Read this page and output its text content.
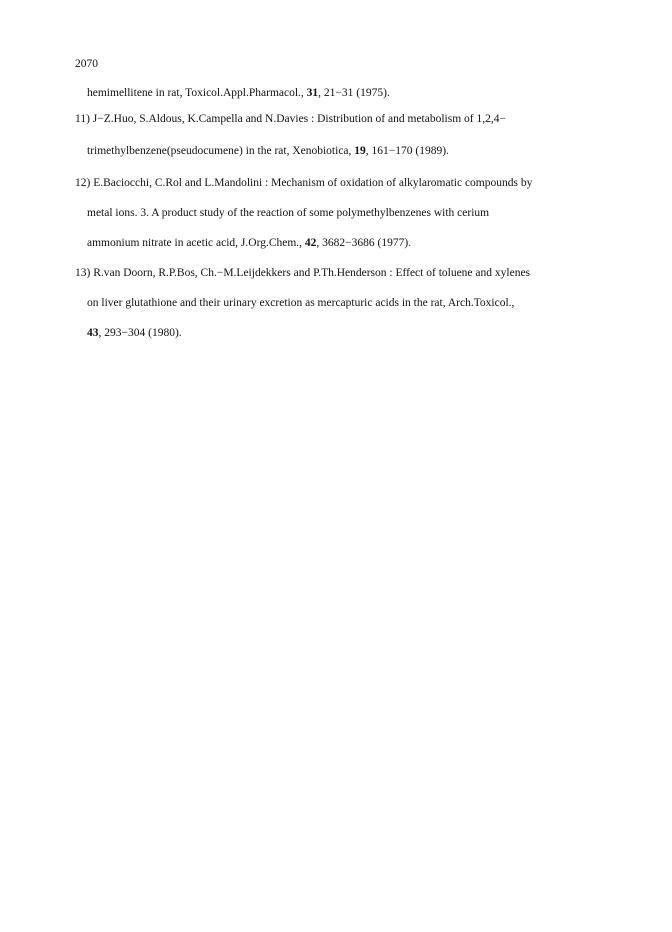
2070
hemimellitene in rat, Toxicol.Appl.Pharmacol., 31, 21−31 (1975).
11) J−Z.Huo, S.Aldous, K.Campella and N.Davies : Distribution of and metabolism of 1,2,4−
trimethylbenzene(pseudocumene) in the rat, Xenobiotica, 19, 161−170 (1989).
12) E.Baciocchi, C.Rol and L.Mandolini : Mechanism of oxidation of alkylaromatic compounds by
metal ions. 3. A product study of the reaction of some polymethylbenzenes with cerium
ammonium nitrate in acetic acid, J.Org.Chem., 42, 3682−3686 (1977).
13) R.van Doorn, R.P.Bos, Ch.−M.Leijdekkers and P.Th.Henderson : Effect of toluene and xylenes
on liver glutathione and their urinary excretion as mercapturic acids in the rat, Arch.Toxicol.,
43, 293−304 (1980).
